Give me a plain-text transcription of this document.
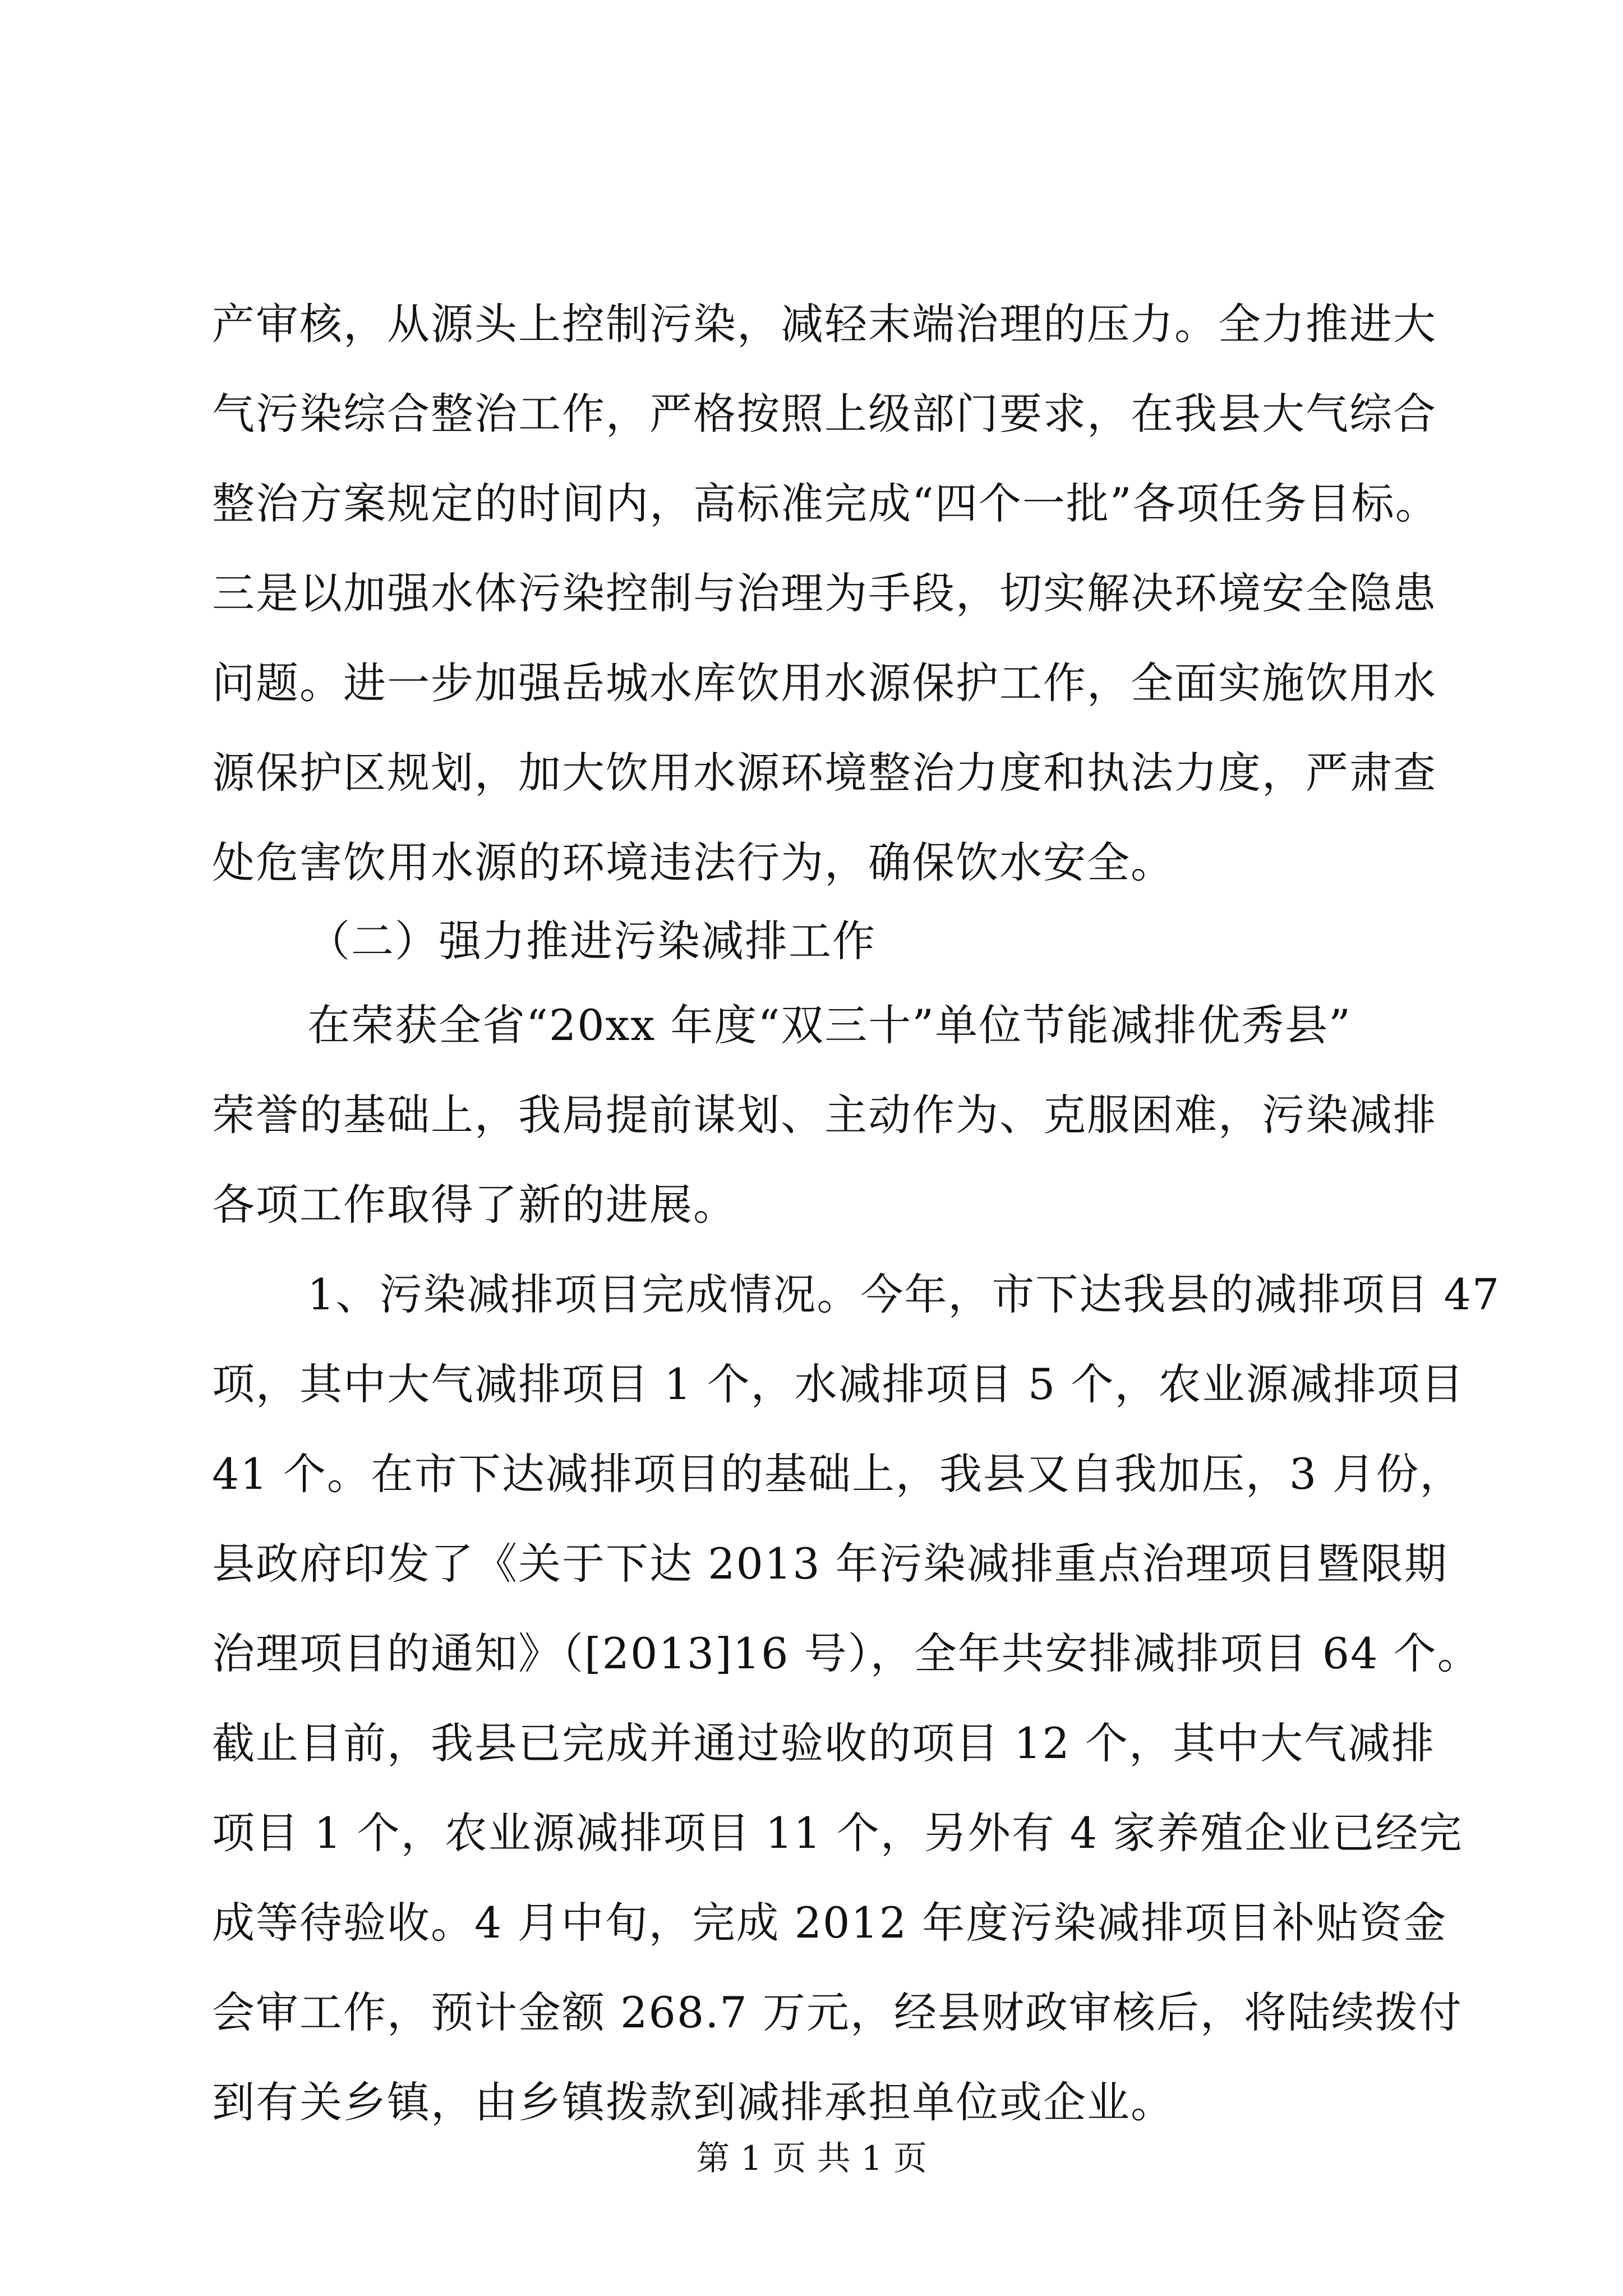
产审核，从源头上控制污染，减轻末端治理的压力。全力推进大
气污染综合整治工作，严格按照上级部门要求，在我县大气综合
整治方案规定的时间内，高标准完成“四个一批”各项任务目标。
三是以加强水体污染控制与治理为手段，切实解决环境安全隐患
问题。进一步加强岳城水库饮用水源保护工作，全面实施饮用水
源保护区规划，加大饮用水源环境整治力度和执法力度，严肃查
处危害饮用水源的环境违法行为，确保饮水安全。
（二）强力推进污染减排工作
在荣获全省“20xx 年度“双三十”单位节能减排优秀县”
荣誉的基础上，我局提前谋划、主动作为、克服困难，污染减排
各项工作取得了新的进展。
1、污染减排项目完成情况。今年，市下达我县的减排项目 47
项，其中大气减排项目 1 个，水减排项目 5 个，农业源减排项目
41 个。在市下达减排项目的基础上，我县又自我加压，3 月份，
县政府印发了《关于下达 2013 年污染减排重点治理项目暨限期
治理项目的通知》（[2013]16 号），全年共安排减排项目 64 个。
截止目前，我县已完成并通过验收的项目 12 个，其中大气减排
项目 1 个，农业源减排项目 11 个，另外有 4 家养殖企业已经完
成等待验收。4 月中旬，完成 2012 年度污染减排项目补贴资金
会审工作，预计金额 268.7 万元，经县财政审核后，将陆续拨付
到有关乡镇，由乡镇拨款到减排承担单位或企业。
第 1 页 共 1 页
